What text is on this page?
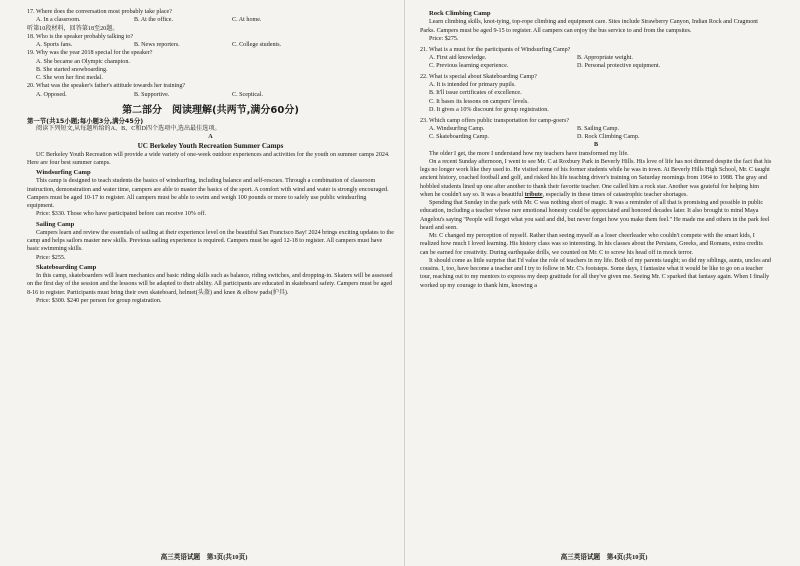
17. Where does the conversation most probably take place?

A. In a classroom.	B. At the office.	C. At home.

听第10段材料，回答第18至20题。

18. Who is the speaker probably talking to?

A. Sports fans.	B. News reporters.	C. College students.

19. Why was the year 2018 special for the speaker?

A. She became an Olympic champion.

B. She started snowboarding.

C. She won her first medal.

20. What was the speaker's father's attitude towards her training?

A. Opposed.	B. Supportive.	C. Sceptical.
第二部分　阅读理解(共两节,满分60分)

第一节(共15小题;每小题3分,满分45分)

阅读下列短文,从每题所给的A、B、C和D四个选项中,选出最佳选项。

A

UC Berkeley Youth Recreation Summer Camps

UC Berkeley Youth Recreation will provide a wide variety of one-week outdoor experiences and activities for the youth on summer camps 2024. Here are four best summer camps.

Windsurfing Camp

This camp is designed to teach students the basics of windsurfing, including balance and self-rescues. Through a combination of classroom instruction, demonstration and water time, campers are able to master the basics of the sport. A comfort with wind and water is strongly encouraged. Campers must be aged 10-17 to register. All campers must be able to swim and weigh 100 pounds or more to safely use public windsurfing equipment.

Price: $330. Those who have participated before can receive 10% off.

Sailing Camp

Campers learn and review the essentials of sailing at their experience level on the beautiful San Francisco Bay! 2024 brings exciting updates to the camp and helps sailors master new skills. Previous sailing experience is required. Campers must be aged 12-18 to register. All campers must have basic swimming skills.

Price: $255.

Skateboarding Camp

In this camp, skateboarders will learn mechanics and basic riding skills such as balance, riding switches, and dropping-in. Skaters will be assessed on the first day of the session and the lessons will be adapted to their ability. All participants are educated in skateboard safety. Campers must be aged 8-16 to register. Participants must bring their own skateboard, helmet(头盔) and knee & elbow pads(护具).

Price: $300. $240 per person for group registration.

高三英语试题　第3页(共10页)

Rock Climbing Camp

Learn climbing skills, knot-tying, top-rope climbing and equipment care. Sites include Strawberry Canyon, Indian Rock and Cragmont Parks. Campers must be aged 9-15 to register. All campers can enjoy the bus service to and from the campsites.

Price: $275.

21. What is a must for the participants of Windsurfing Camp?

A. First aid knowledge.	B. Appropriate weight.
C. Previous learning experience.	D. Personal protective equipment.

22. What is special about Skateboarding Camp?

A. It is intended for primary pupils.

B. It'll issue certificates of excellence.

C. It bases its lessons on campers' levels.

D. It gives a 10% discount for group registration.

23. Which camp offers public transportation for camp-goers?

A. Windsurfing Camp.	B. Sailing Camp.
C. Skateboarding Camp.	D. Rock Climbing Camp.

B

The older I get, the more I understand how my teachers have transformed my life.

On a recent Sunday afternoon, I went to see Mr. C at Roxbury Park in Beverly Hills. His love of life has not dimmed despite the fact that his legs no longer work like they used to. He visited some of his former students while he was in town. At Beverly Hills High School, Mr. C taught ancient history, coached football and golf, and risked his life teaching driver's training on Saturday mornings from 1964 to 1988. The gray and hobbled students lined up one after another to thank their favorite teacher. One called him a rock star. Another was grateful for helping him when he couldn't say so. It was a beautiful tribute, especially in these times of catastrophic teacher shortages.

Spending that Sunday in the park with Mr. C was nothing short of magic. It was a reminder of all that is promising and possible in public education, including a teacher whose rare emotional honesty could be appreciated and honored decades later. It also brought to mind Maya Angelou's saying "People will forget what you said and did, but never forget how you make them feel." He made me and others in the park feel heard and seen.

Mr. C changed my perception of myself. Rather than seeing myself as a loser cheerleader who couldn't compete with the smart kids, I realized how much I loved learning. His history class was so interesting. In his classes about the Persians, Greeks, and Romans, extra credits can be earned for creativity. During earthquake drills, we counted on Mr. C to screw his head off in mock terror.

It should come as little surprise that I'd value the role of teachers in my life. Both of my parents taught; so did my siblings, aunts, uncles and cousins. I, too, have become a teacher and I try to follow in Mr. C's footsteps. Some days, I fantasize what it would be like to go on a teacher tour, reaching out to my mentors to express my deep gratitude for all they've given me. Seeing Mr. C sparked that fantasy again. When I finally worked up my courage to thank him, knowing a

高三英语试题　第4页(共10页)
